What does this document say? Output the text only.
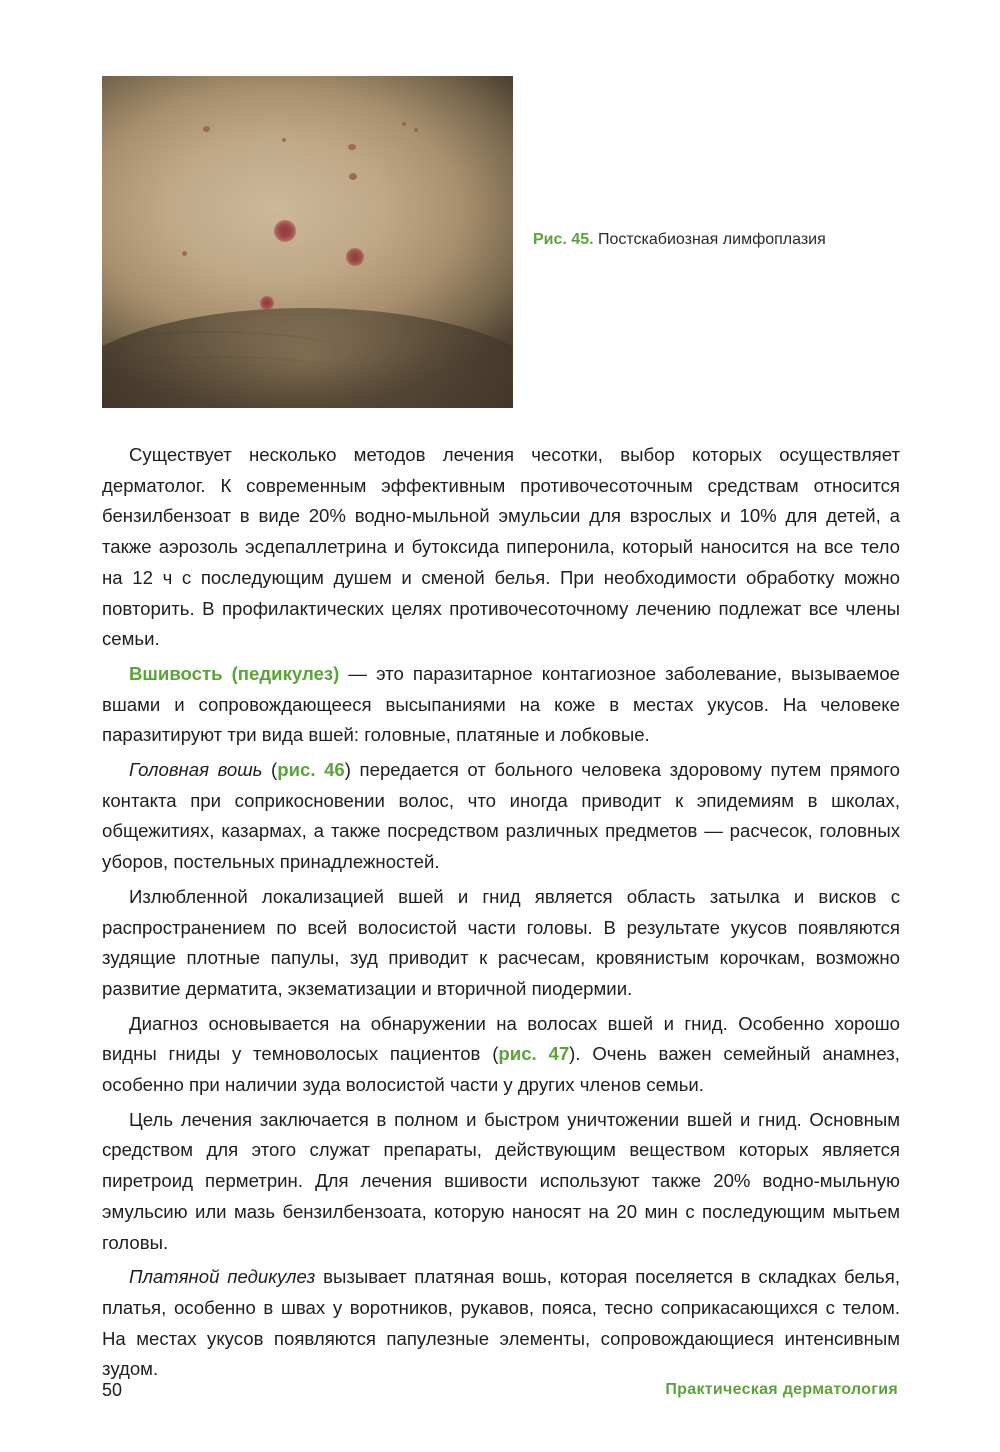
Рис. 45. Постскабиозная лимфоплазия

Существует несколько методов лечения чесотки, выбор которых осуществляет дерматолог. К современным эффективным противочесоточным средствам относится бензилбензоат в виде 20% водно-мыльной эмульсии для взрослых и 10% для детей, а также аэрозоль эсдепаллетрина и бутоксида пиперонила, который наносится на все тело на 12 ч с последующим душем и сменой белья. При необходимости обработку можно повторить. В профилактических целях противочесоточному лечению подлежат все члены семьи.

Вшивость (педикулез) — это паразитарное контагиозное заболевание, вызываемое вшами и сопровождающееся высыпаниями на коже в местах укусов. На человеке паразитируют три вида вшей: головные, платяные и лобковые.

Головная вошь (рис. 46) передается от больного человека здоровому путем прямого контакта при соприкосновении волос, что иногда приводит к эпидемиям в школах, общежитиях, казармах, а также посредством различных предметов — расчесок, головных уборов, постельных принадлежностей.

Излюбленной локализацией вшей и гнид является область затылка и висков с распространением по всей волосистой части головы. В результате укусов появляются зудящие плотные папулы, зуд приводит к расчесам, кровянистым корочкам, возможно развитие дерматита, экзематизации и вторичной пиодермии.

Диагноз основывается на обнаружении на волосах вшей и гнид. Особенно хорошо видны гниды у темноволосых пациентов (рис. 47). Очень важен семейный анамнез, особенно при наличии зуда волосистой части у других членов семьи.

Цель лечения заключается в полном и быстром уничтожении вшей и гнид. Основным средством для этого служат препараты, действующим веществом которых является пиретроид перметрин. Для лечения вшивости используют также 20% водно-мыльную эмульсию или мазь бензилбензоата, которую наносят на 20 мин с последующим мытьем головы.

Платяной педикулез вызывает платяная вошь, которая поселяется в складках белья, платья, особенно в швах у воротников, рукавов, пояса, тесно соприкасающихся с телом. На местах укусов появляются папулезные элементы, сопровождающиеся интенсивным зудом.

50	Практическая дерматология
